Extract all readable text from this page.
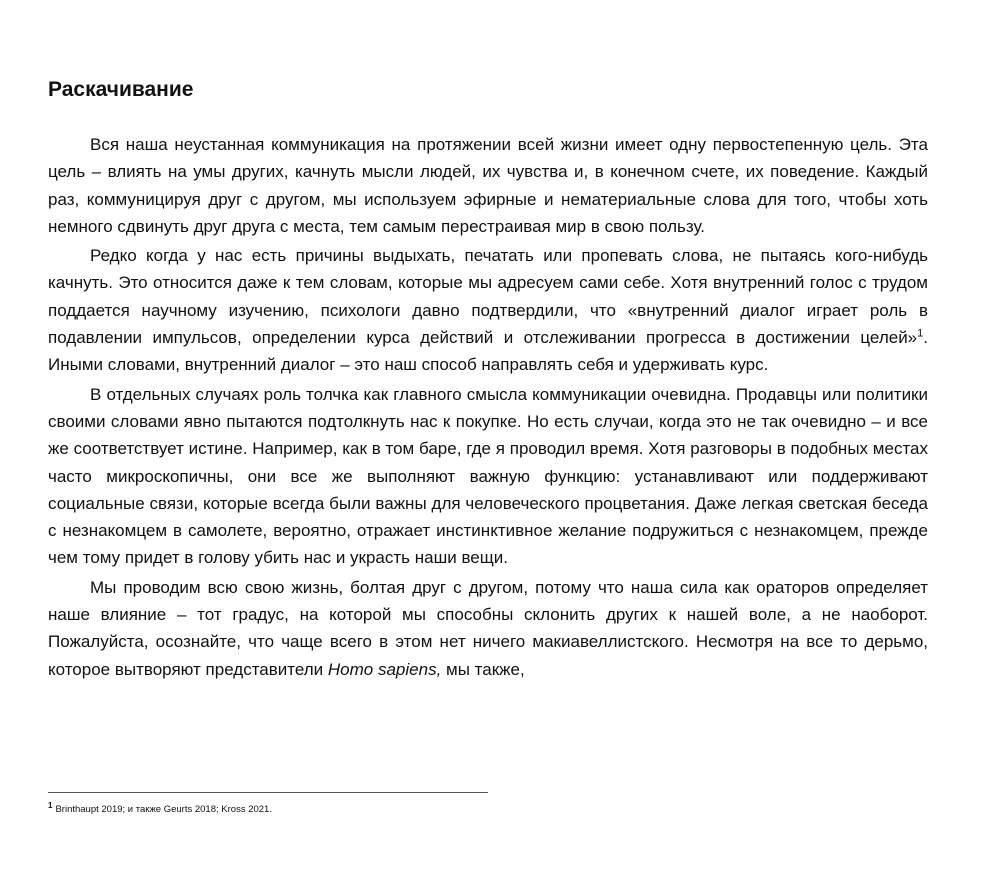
Раскачивание

Вся наша неустанная коммуникация на протяжении всей жизни имеет одну первостепенную цель. Эта цель – влиять на умы других, качнуть мысли людей, их чувства и, в конечном счете, их поведение. Каждый раз, коммуницируя друг с другом, мы используем эфирные и нематериальные слова для того, чтобы хоть немного сдвинуть друг друга с места, тем самым перестраивая мир в свою пользу.

Редко когда у нас есть причины выдыхать, печатать или пропевать слова, не пытаясь кого-нибудь качнуть. Это относится даже к тем словам, которые мы адресуем сами себе. Хотя внутренний голос с трудом поддается научному изучению, психологи давно подтвердили, что «внутренний диалог играет роль в подавлении импульсов, определении курса действий и отслеживании прогресса в достижении целей»$^1$. Иными словами, внутренний диалог – это наш способ направлять себя и удерживать курс.

В отдельных случаях роль толчка как главного смысла коммуникации очевидна. Продавцы или политики своими словами явно пытаются подтолкнуть нас к покупке. Но есть случаи, когда это не так очевидно – и все же соответствует истине. Например, как в том баре, где я проводил время. Хотя разговоры в подобных местах часто микроскопичны, они все же выполняют важную функцию: устанавливают или поддерживают социальные связи, которые всегда были важны для человеческого процветания. Даже легкая светская беседа с незнакомцем в самолете, вероятно, отражает инстинктивное желание подружиться с незнакомцем, прежде чем тому придет в голову убить нас и украсть наши вещи.

Мы проводим всю свою жизнь, болтая друг с другом, потому что наша сила как ораторов определяет наше влияние – тот градус, на которой мы способны склонить других к нашей воле, а не наоборот. Пожалуйста, осознайте, что чаще всего в этом нет ничего макиавеллистского. Несмотря на все то дерьмо, которое вытворяют представители Homo sapiens, мы также,

$^1$ Brinthaupt 2019; и также Geurts 2018; Kross 2021.
